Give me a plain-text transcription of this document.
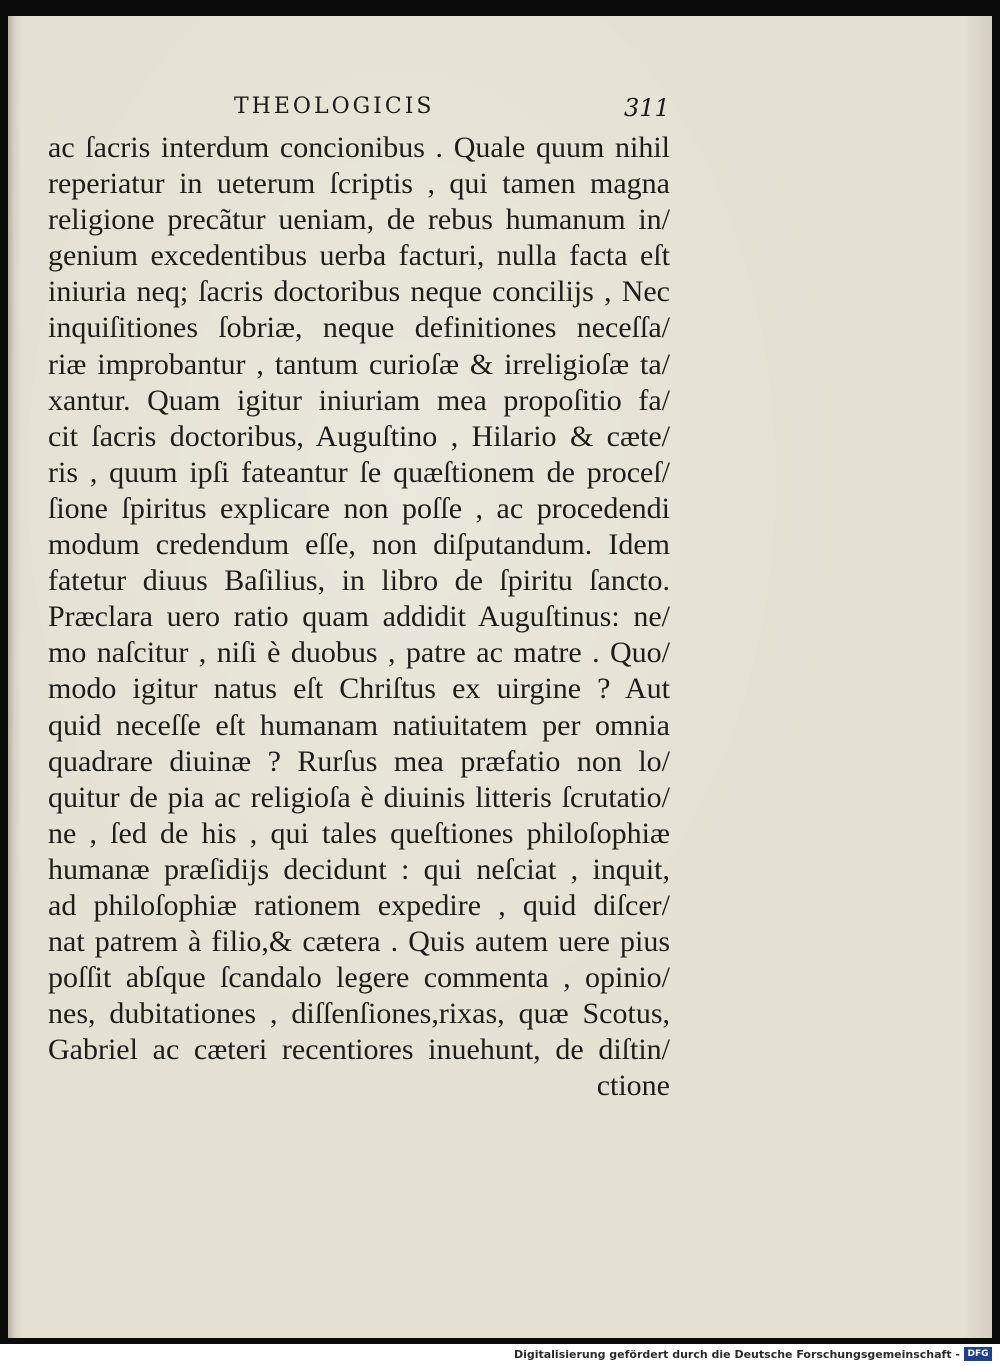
THEOLOGICIS	311
ac ſacris interdum concionibus . Quale quum nihil
reperiatur in ueterum ſcriptis , qui tamen magna
religione precãtur ueniam, de rebus humanum in/
genium excedentibus uerba facturi, nulla facta eſt
iniuria neq; ſacris doctoribus neque concilijs , Nec
inquiſitiones ſobriæ, neque definitiones neceſſa/
riæ improbantur , tantum curioſæ & irreligioſæ ta/
xantur. Quam igitur iniuriam mea propoſitio fa/
cit ſacris doctoribus, Auguſtino , Hilario & cæte/
ris , quum ipſi fateantur ſe quæſtionem de proceſ/
ſione ſpiritus explicare non poſſe , ac procedendi
modum credendum eſſe, non diſputandum. Idem
fatetur diuus Baſilius, in libro de ſpiritu ſancto.
Præclara uero ratio quam addidit Auguſtinus: ne/
mo naſcitur , niſi è duobus , patre ac matre . Quo/
modo igitur natus eſt Chriſtus ex uirgine ? Aut
quid neceſſe eſt humanam natiuitatem per omnia
quadrare diuinæ ? Rurſus mea præfatio non lo/
quitur de pia ac religioſa è diuinis litteris ſcrutatio/
ne , ſed de his , qui tales queſtiones philoſophiæ
humanæ præſidijs decidunt : qui neſciat , inquit,
ad philoſophiæ rationem expedire , quid diſcer/
nat patrem à filio,& cætera . Quis autem uere pius
poſſit abſque ſcandalo legere commenta , opinio/
nes, dubitationes , diſſenſiones,rixas, quæ Scotus,
Gabriel ac cæteri recentiores inuehunt, de diſtin/
ctione
Digitalisierung gefördert durch die Deutsche Forschungsgemeinschaft - DFG
